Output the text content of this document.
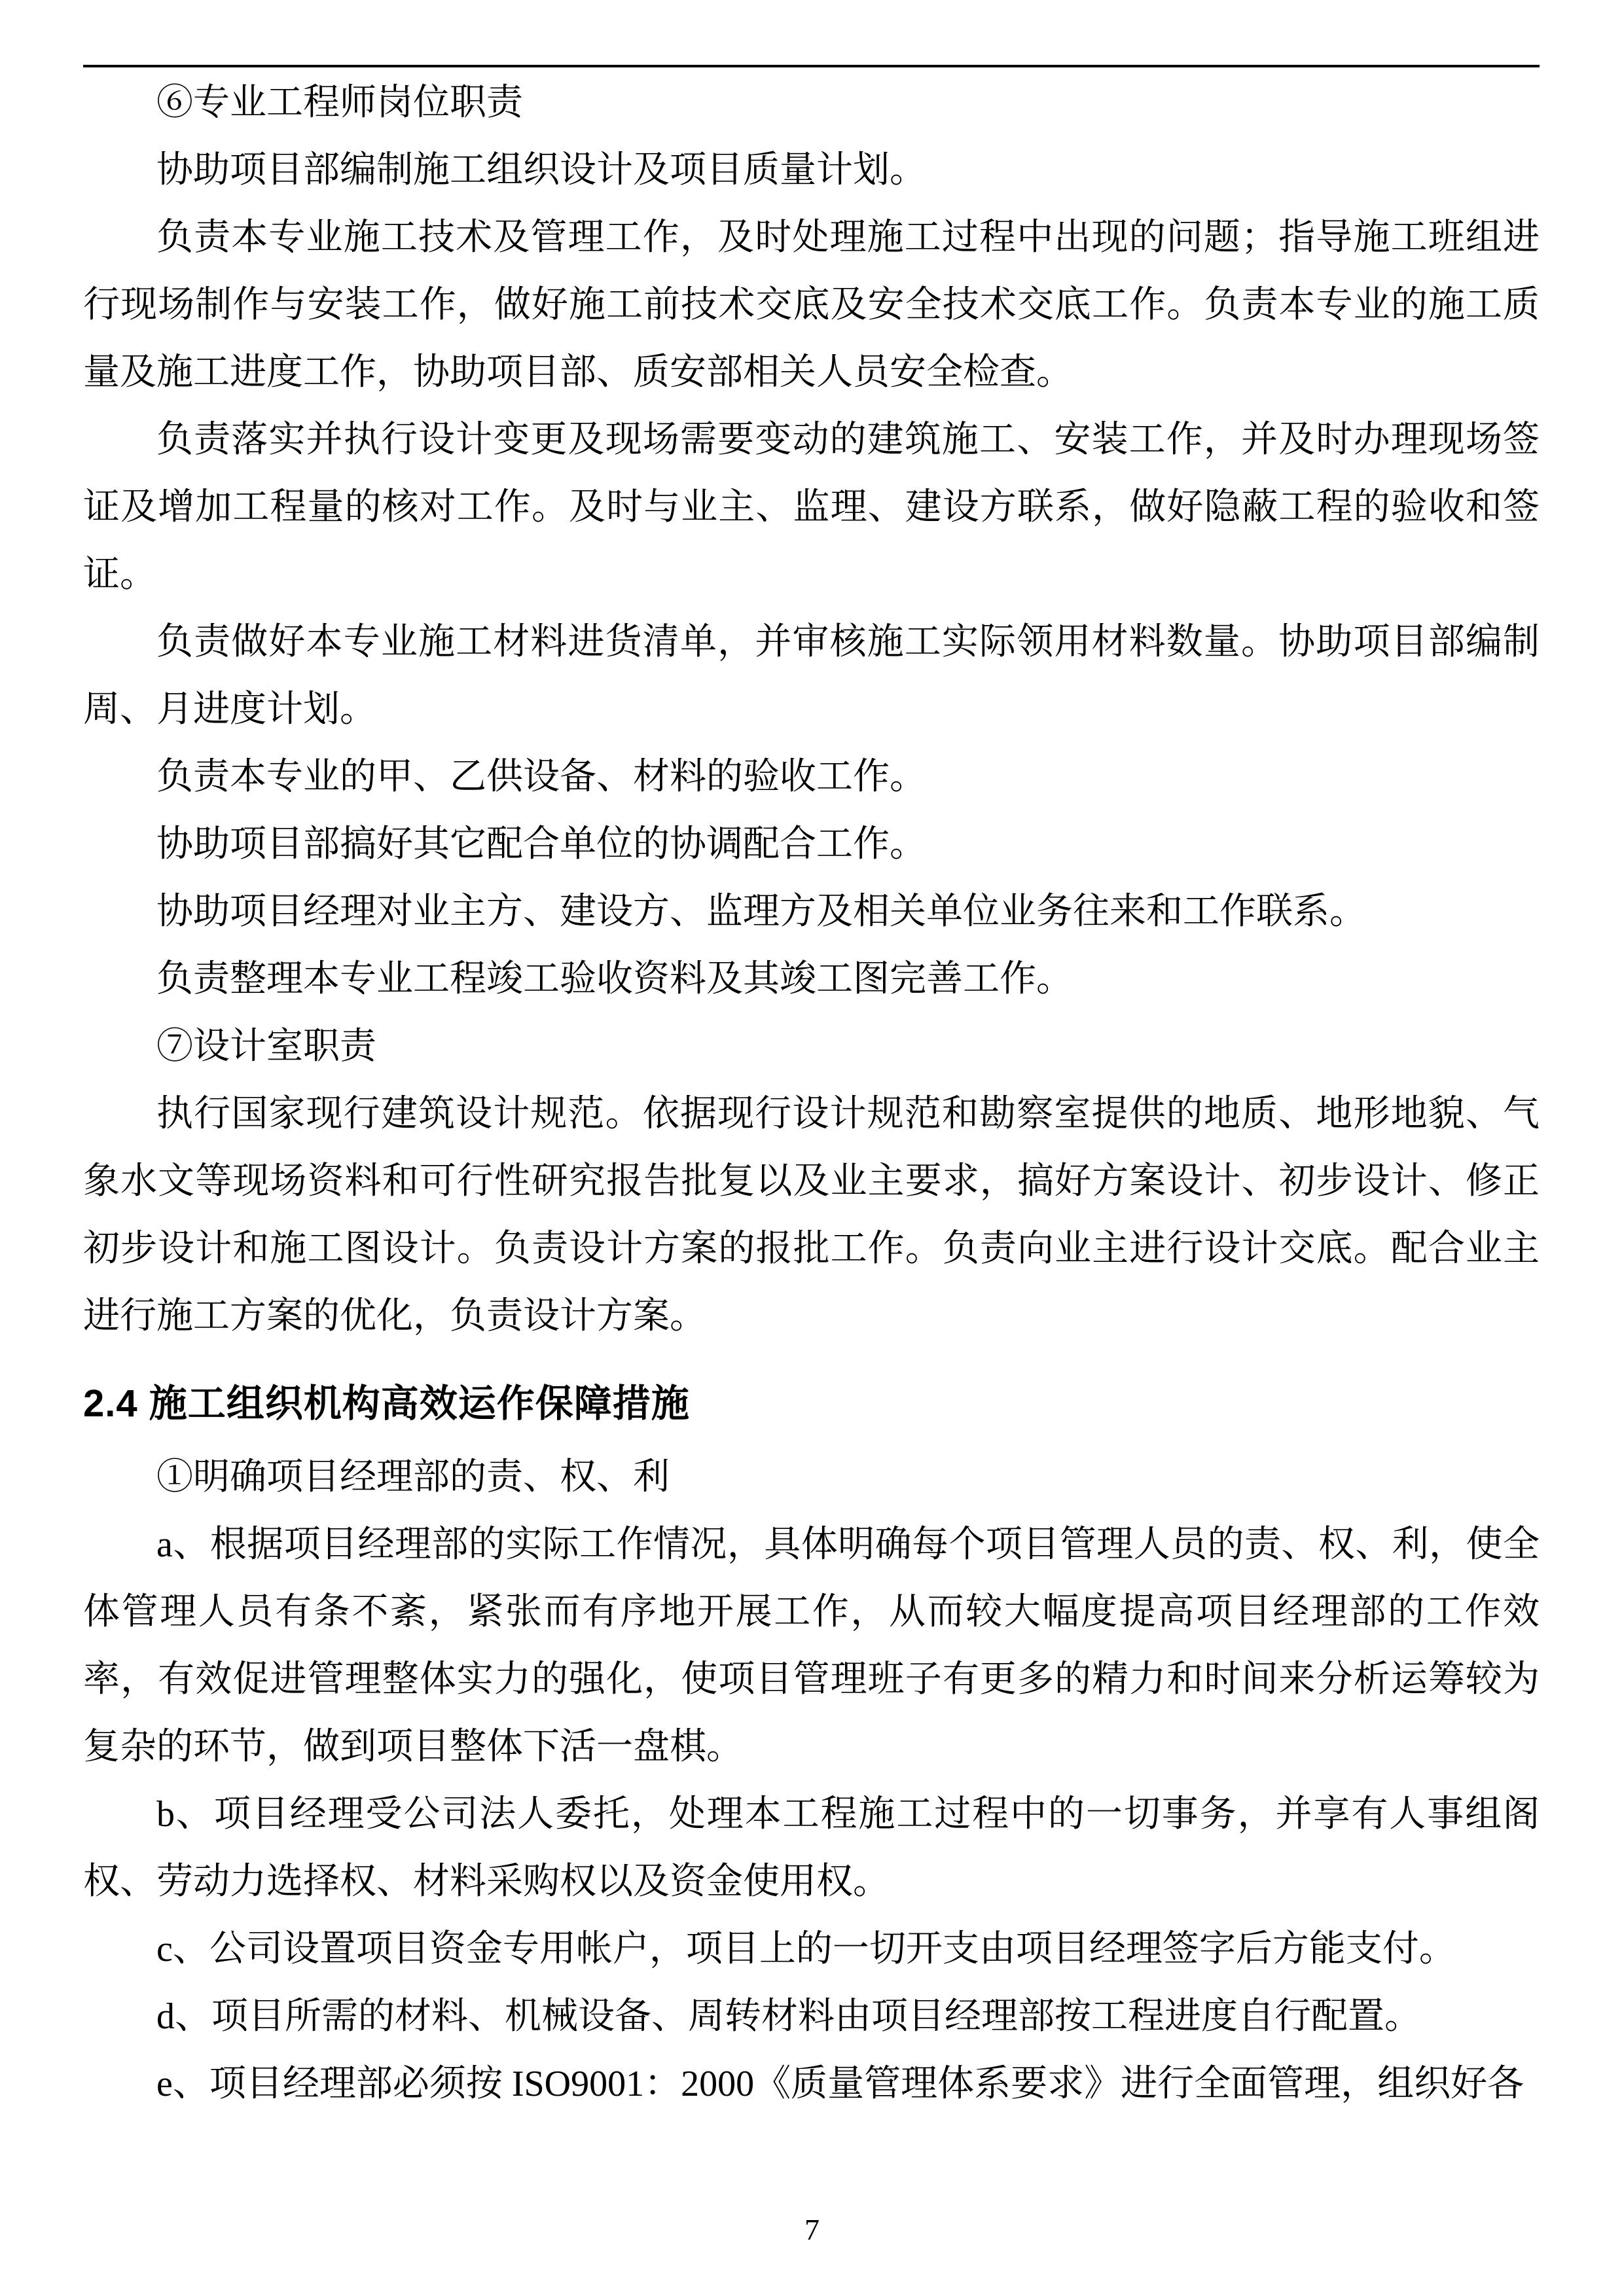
⑥专业工程师岗位职责

协助项目部编制施工组织设计及项目质量计划。

负责本专业施工技术及管理工作，及时处理施工过程中出现的问题；指导施工班组进行现场制作与安装工作，做好施工前技术交底及安全技术交底工作。负责本专业的施工质量及施工进度工作，协助项目部、质安部相关人员安全检查。

负责落实并执行设计变更及现场需要变动的建筑施工、安装工作，并及时办理现场签证及增加工程量的核对工作。及时与业主、监理、建设方联系，做好隐蔽工程的验收和签证。

负责做好本专业施工材料进货清单，并审核施工实际领用材料数量。协助项目部编制周、月进度计划。

负责本专业的甲、乙供设备、材料的验收工作。

协助项目部搞好其它配合单位的协调配合工作。

协助项目经理对业主方、建设方、监理方及相关单位业务往来和工作联系。

负责整理本专业工程竣工验收资料及其竣工图完善工作。

⑦设计室职责

执行国家现行建筑设计规范。依据现行设计规范和勘察室提供的地质、地形地貌、气象水文等现场资料和可行性研究报告批复以及业主要求，搞好方案设计、初步设计、修正初步设计和施工图设计。负责设计方案的报批工作。负责向业主进行设计交底。配合业主进行施工方案的优化，负责设计方案。

2.4 施工组织机构高效运作保障措施

①明确项目经理部的责、权、利

a、根据项目经理部的实际工作情况，具体明确每个项目管理人员的责、权、利，使全体管理人员有条不紊，紧张而有序地开展工作，从而较大幅度提高项目经理部的工作效率，有效促进管理整体实力的强化，使项目管理班子有更多的精力和时间来分析运筹较为复杂的环节，做到项目整体下活一盘棋。

b、项目经理受公司法人委托，处理本工程施工过程中的一切事务，并享有人事组阁权、劳动力选择权、材料采购权以及资金使用权。

c、公司设置项目资金专用帐户，项目上的一切开支由项目经理签字后方能支付。

d、项目所需的材料、机械设备、周转材料由项目经理部按工程进度自行配置。

e、项目经理部必须按 ISO9001：2000《质量管理体系要求》进行全面管理，组织好各

7
